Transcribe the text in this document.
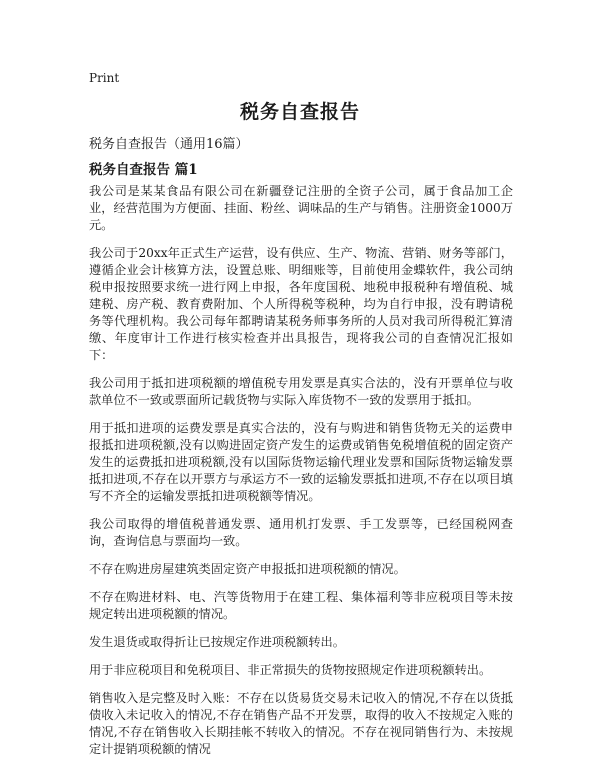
Print
税务自查报告
税务自查报告（通用16篇）
税务自查报告 篇1

我公司是某某食品有限公司在新疆登记注册的全资子公司，属于食品加工企业，经营范围为方便面、挂面、粉丝、调味品的生产与销售。注册资金1000万元。

我公司于20xx年正式生产运营，设有供应、生产、物流、营销、财务等部门，遵循企业会计核算方法，设置总账、明细账等，目前使用金蝶软件，我公司纳税申报按照要求统一进行网上申报，各年度国税、地税申报税种有增值税、城建税、房产税、教育费附加、个人所得税等税种，均为自行申报，没有聘请税务等代理机构。我公司每年都聘请某税务师事务所的人员对我司所得税汇算清缴、年度审计工作进行核实检查并出具报告，现将我公司的自查情况汇报如下：

我公司用于抵扣进项税额的增值税专用发票是真实合法的，没有开票单位与收款单位不一致或票面所记载货物与实际入库货物不一致的发票用于抵扣。

用于抵扣进项的运费发票是真实合法的，没有与购进和销售货物无关的运费申报抵扣进项税额,没有以购进固定资产发生的运费或销售免税增值税的固定资产发生的运费抵扣进项税额,没有以国际货物运输代理业发票和国际货物运输发票抵扣进项,不存在以开票方与承运方不一致的运输发票抵扣进项,不存在以项目填写不齐全的运输发票抵扣进项税额等情况。

我公司取得的增值税普通发票、通用机打发票、手工发票等，已经国税网查询，查询信息与票面均一致。

不存在购进房屋建筑类固定资产申报抵扣进项税额的情况。

不存在购进材料、电、汽等货物用于在建工程、集体福利等非应税项目等未按规定转出进项税额的情况。

发生退货或取得折让已按规定作进项税额转出。

用于非应税项目和免税项目、非正常损失的货物按照规定作进项税额转出。

销售收入是完整及时入账：不存在以货易货交易未记收入的情况,不存在以货抵债收入未记收入的情况,不存在销售产品不开发票，取得的收入不按规定入账的情况,不存在销售收入长期挂帐不转收入的情况。不存在视同销售行为、未按规定计提销项税额的情况
